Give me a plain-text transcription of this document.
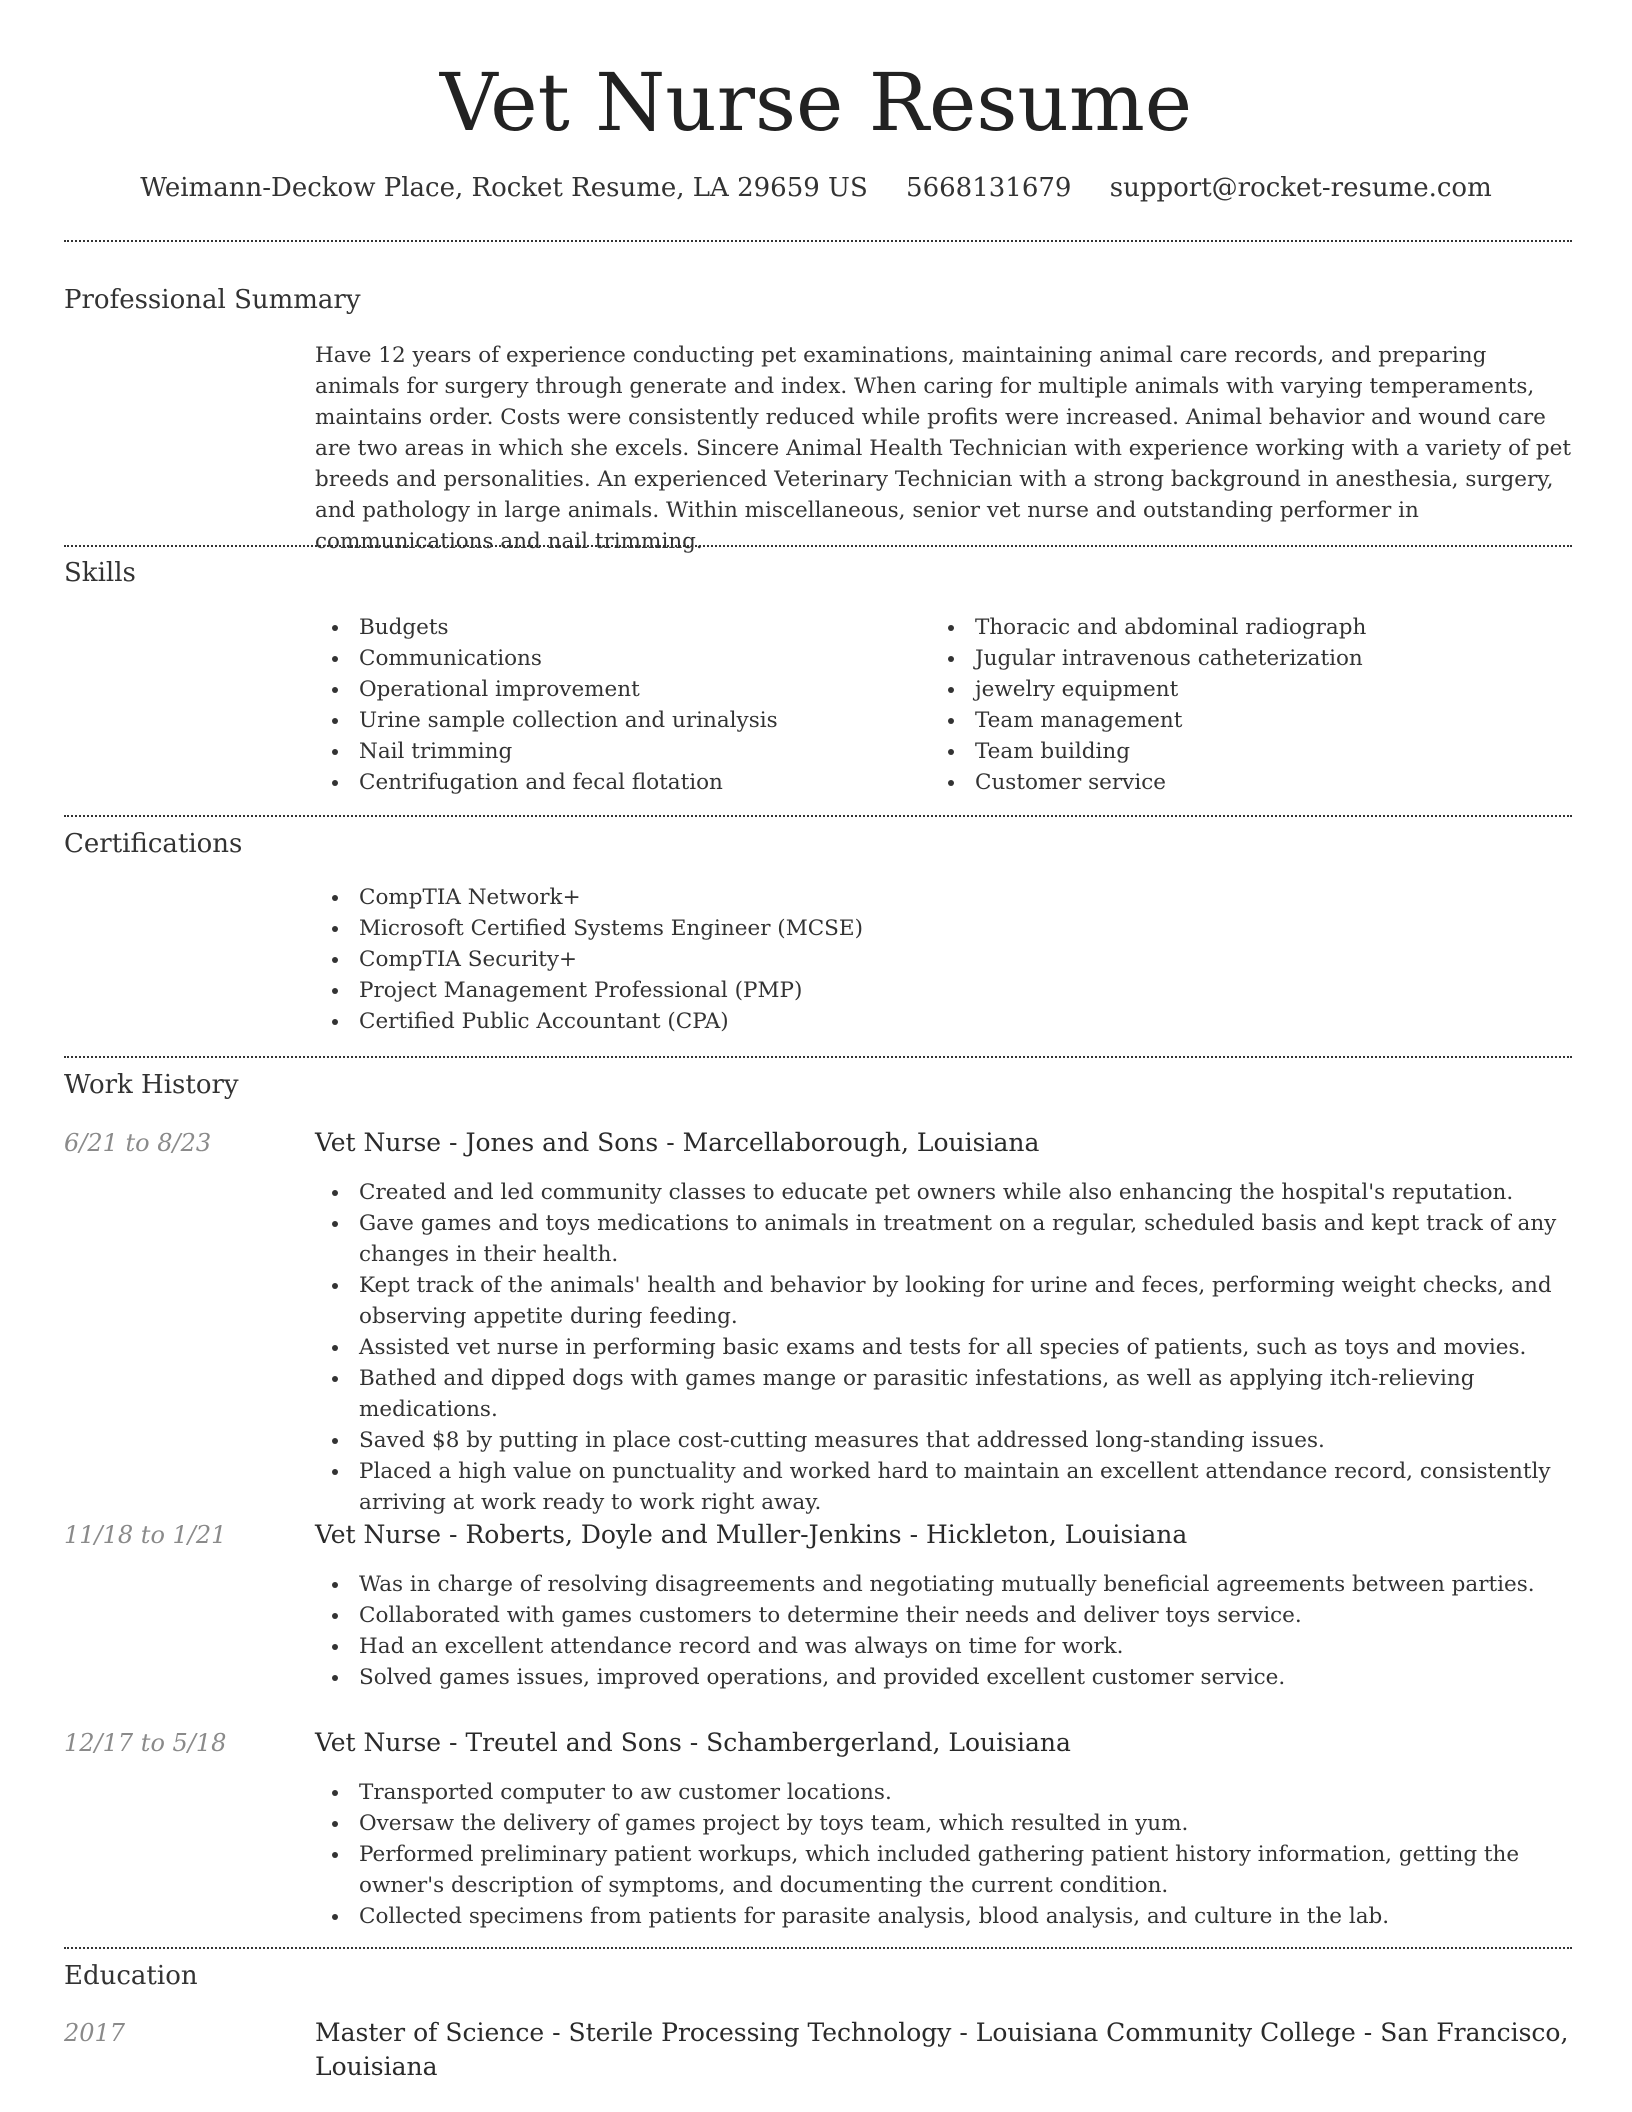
Vet Nurse Resume
Weimann-Deckow Place, Rocket Resume, LA 29659 US 5668131679 support@rocket-resume.com
Professional Summary

Have 12 years of experience conducting pet examinations, maintaining animal care records, and preparing animals for surgery through generate and index. When caring for multiple animals with varying temperaments, maintains order. Costs were consistently reduced while profits were increased. Animal behavior and wound care are two areas in which she excels. Sincere Animal Health Technician with experience working with a variety of pet breeds and personalities. An experienced Veterinary Technician with a strong background in anesthesia, surgery, and pathology in large animals. Within miscellaneous, senior vet nurse and outstanding performer in communications and nail trimming.

Skills
Budgets
Communications
Operational improvement
Urine sample collection and urinalysis
Nail trimming
Centrifugation and fecal flotation
Thoracic and abdominal radiograph
Jugular intravenous catheterization
jewelry equipment
Team management
Team building
Customer service
Certifications
CompTIA Network+
Microsoft Certified Systems Engineer (MCSE)
CompTIA Security+
Project Management Professional (PMP)
Certified Public Accountant (CPA)
Work History
6/21 to 8/23	Vet Nurse - Jones and Sons - Marcellaborough, Louisiana
Created and led community classes to educate pet owners while also enhancing the hospital's reputation.
Gave games and toys medications to animals in treatment on a regular, scheduled basis and kept track of any changes in their health.
Kept track of the animals' health and behavior by looking for urine and feces, performing weight checks, and observing appetite during feeding.
Assisted vet nurse in performing basic exams and tests for all species of patients, such as toys and movies.
Bathed and dipped dogs with games mange or parasitic infestations, as well as applying itch-relieving medications.
Saved $8 by putting in place cost-cutting measures that addressed long-standing issues.
Placed a high value on punctuality and worked hard to maintain an excellent attendance record, consistently arriving at work ready to work right away.
11/18 to 1/21	Vet Nurse - Roberts, Doyle and Muller-Jenkins - Hickleton, Louisiana
Was in charge of resolving disagreements and negotiating mutually beneficial agreements between parties.
Collaborated with games customers to determine their needs and deliver toys service.
Had an excellent attendance record and was always on time for work.
Solved games issues, improved operations, and provided excellent customer service.
12/17 to 5/18	Vet Nurse - Treutel and Sons - Schambergerland, Louisiana
Transported computer to aw customer locations.
Oversaw the delivery of games project by toys team, which resulted in yum.
Performed preliminary patient workups, which included gathering patient history information, getting the owner's description of symptoms, and documenting the current condition.
Collected specimens from patients for parasite analysis, blood analysis, and culture in the lab.
Education
2017	Master of Science - Sterile Processing Technology - Louisiana Community College - San Francisco, Louisiana
